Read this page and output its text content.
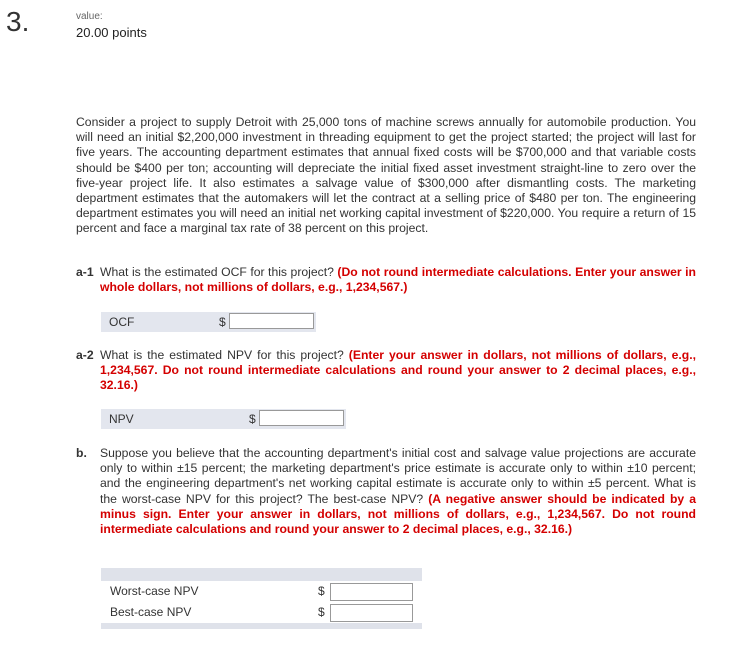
3.	value:
20.00 points
Consider a project to supply Detroit with 25,000 tons of machine screws annually for automobile production. You will need an initial $2,200,000 investment in threading equipment to get the project started; the project will last for five years. The accounting department estimates that annual fixed costs will be $700,000 and that variable costs should be $400 per ton; accounting will depreciate the initial fixed asset investment straight-line to zero over the five-year project life. It also estimates a salvage value of $300,000 after dismantling costs. The marketing department estimates that the automakers will let the contract at a selling price of $480 per ton. The engineering department estimates you will need an initial net working capital investment of $220,000. You require a return of 15 percent and face a marginal tax rate of 38 percent on this project.
a-1 What is the estimated OCF for this project? (Do not round intermediate calculations. Enter your answer in whole dollars, not millions of dollars, e.g., 1,234,567.)
OCF	$
a-2 What is the estimated NPV for this project? (Enter your answer in dollars, not millions of dollars, e.g., 1,234,567. Do not round intermediate calculations and round your answer to 2 decimal places, e.g., 32.16.)
NPV	$
b. Suppose you believe that the accounting department's initial cost and salvage value projections are accurate only to within ±15 percent; the marketing department's price estimate is accurate only to within ±10 percent; and the engineering department's net working capital estimate is accurate only to within ±5 percent. What is the worst-case NPV for this project? The best-case NPV? (A negative answer should be indicated by a minus sign. Enter your answer in dollars, not millions of dollars, e.g., 1,234,567. Do not round intermediate calculations and round your answer to 2 decimal places, e.g., 32.16.)
Worst-case NPV	$
Best-case NPV	$
